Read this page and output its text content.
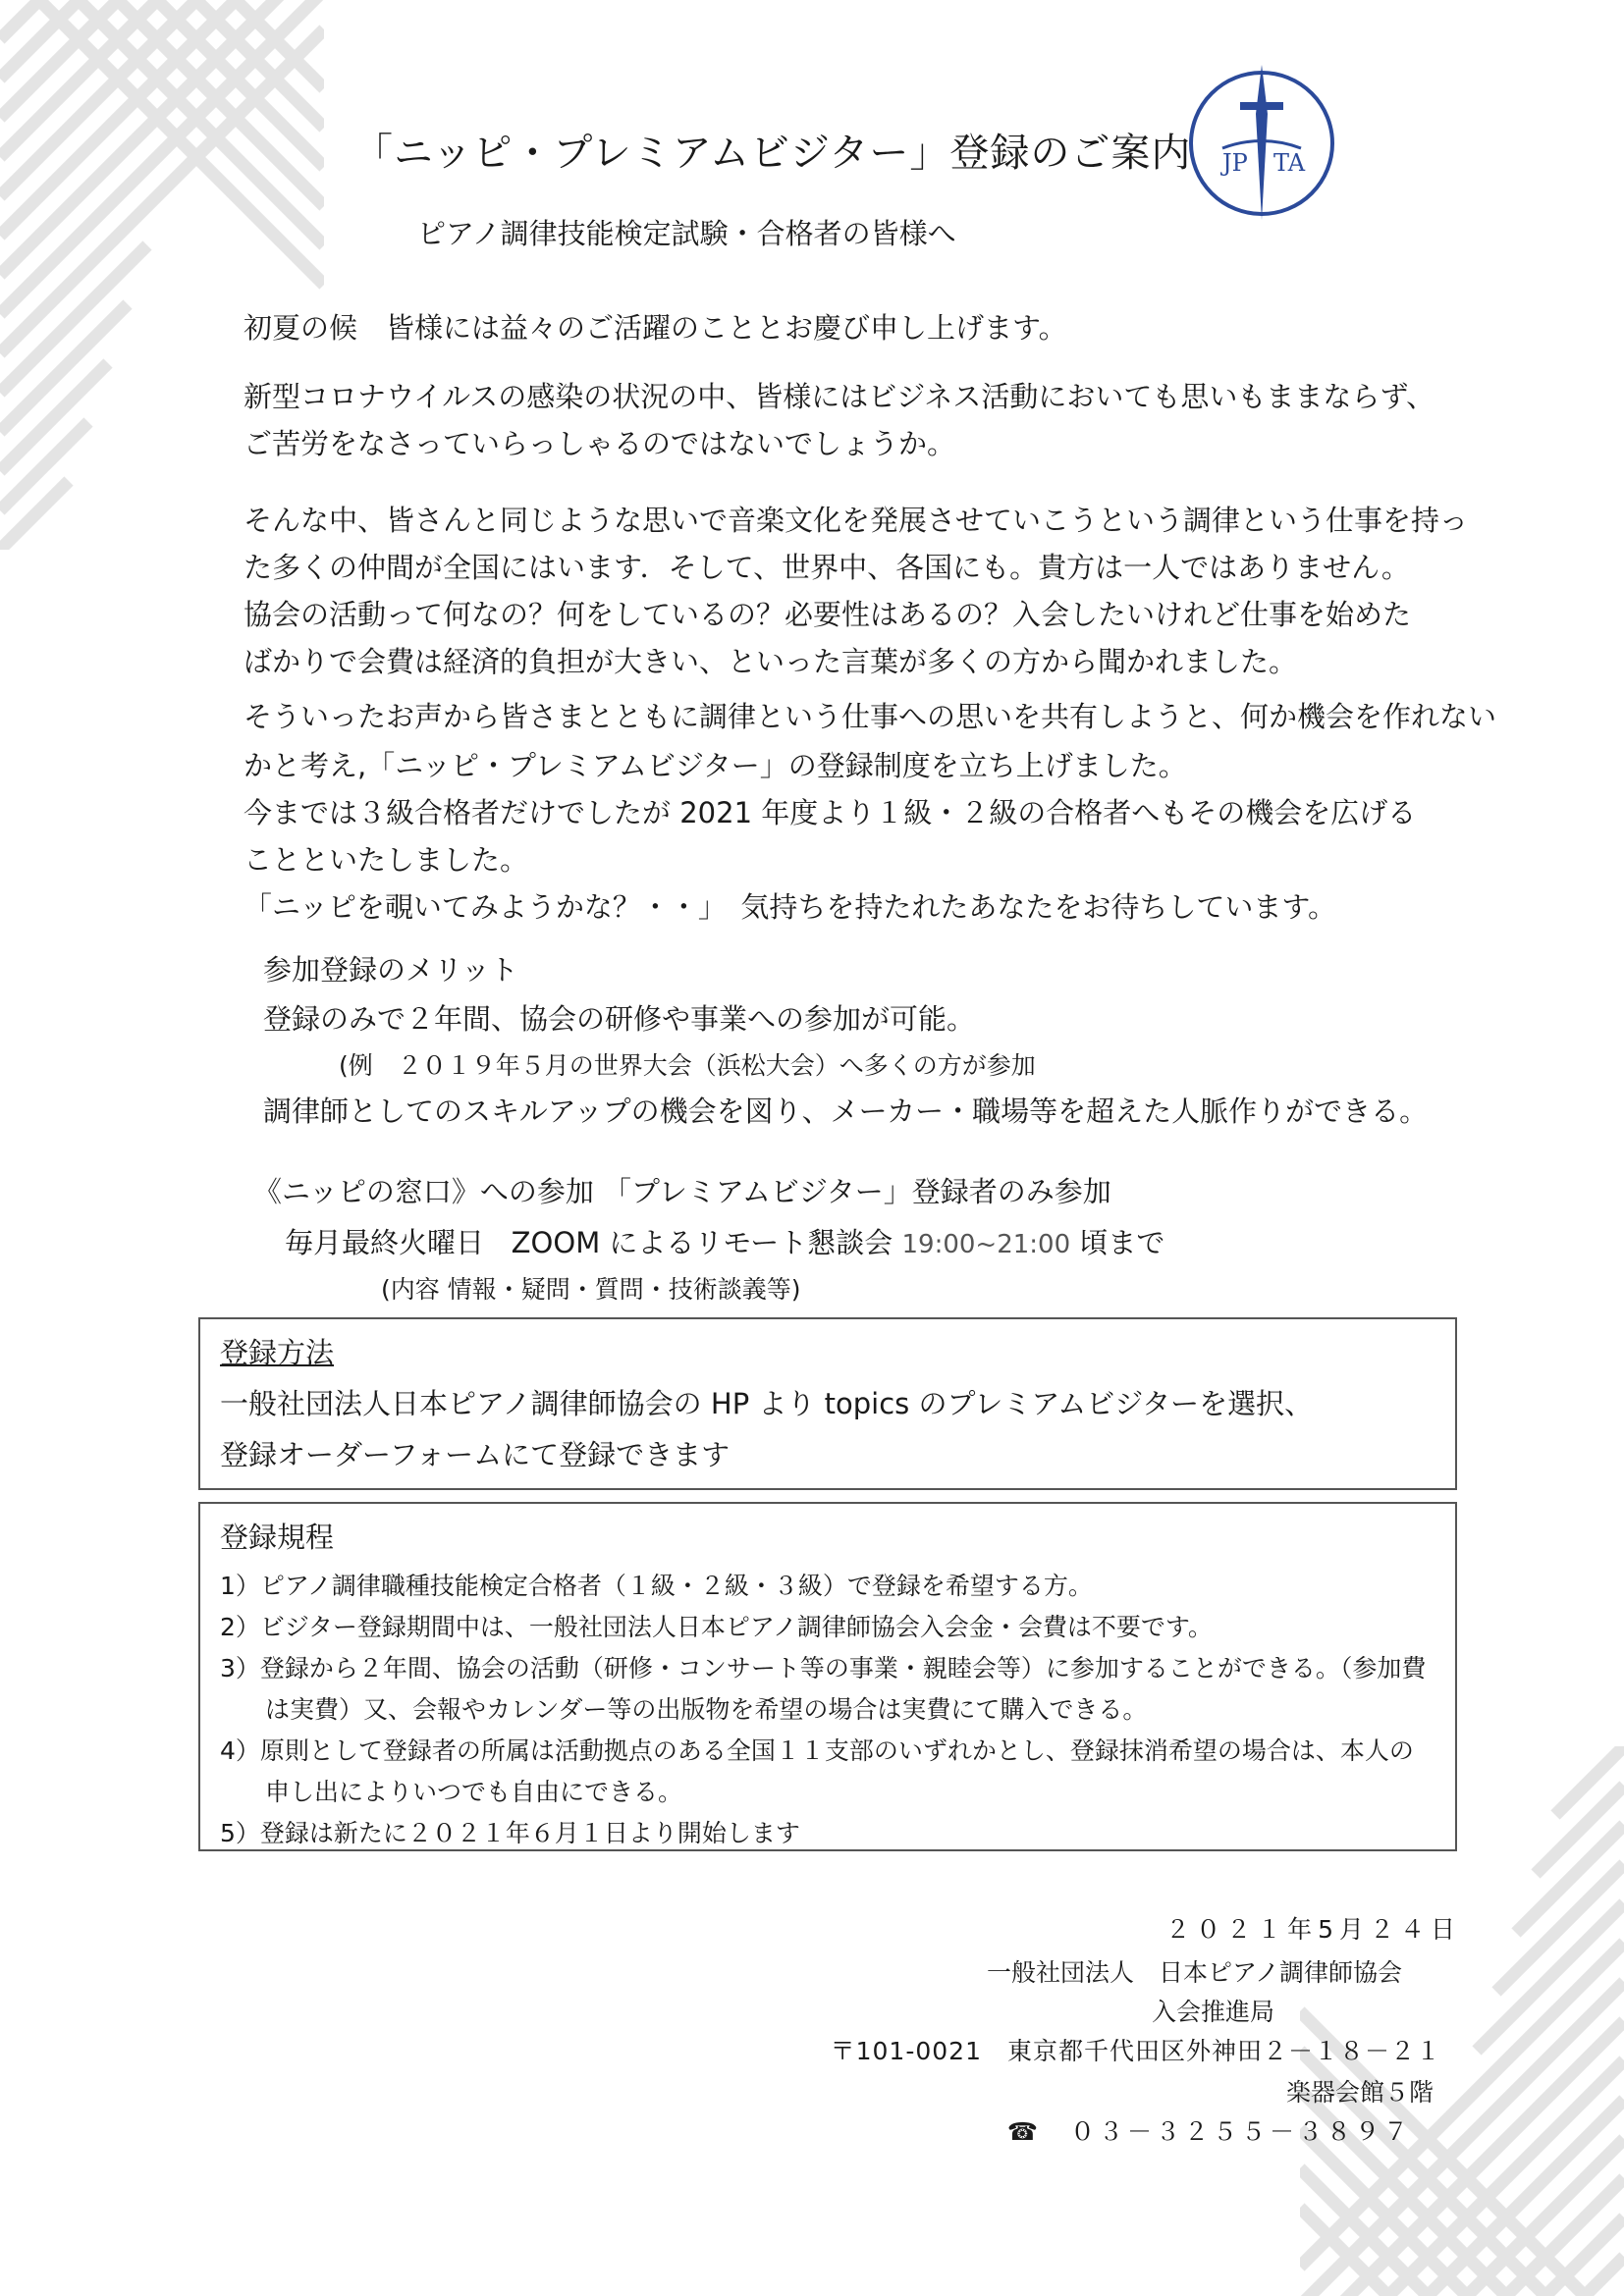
「ニッピ・プレミアムビジター」登録のご案内
ピアノ調律技能検定試験・合格者の皆様へ
JP TA
初夏の候　皆様には益々のご活躍のこととお慶び申し上げます。
新型コロナウイルスの感染の状況の中、皆様にはビジネス活動においても思いもままならず、
ご苦労をなさっていらっしゃるのではないでしょうか。
そんな中、皆さんと同じような思いで音楽文化を発展させていこうという調律という仕事を持っ
た多くの仲間が全国にはいます．そして、世界中、各国にも。貴方は一人ではありません。
協会の活動って何なの？何をしているの？必要性はあるの？入会したいけれど仕事を始めた
ばかりで会費は経済的負担が大きい、といった言葉が多くの方から聞かれました。
そういったお声から皆さまとともに調律という仕事への思いを共有しようと、何か機会を作れない
かと考え,「ニッピ・プレミアムビジター」の登録制度を立ち上げました。
今までは３級合格者だけでしたが 2021 年度より１級・２級の合格者へもその機会を広げる
ことといたしました。
「ニッピを覗いてみようかな？・・」　気持ちを持たれたあなたをお待ちしています。
参加登録のメリット
登録のみで２年間、協会の研修や事業への参加が可能。
(例　２０１９年５月の世界大会（浜松大会）へ多くの方が参加
調律師としてのスキルアップの機会を図り、メーカー・職場等を超えた人脈作りができる。
《ニッピの窓口》への参加 「プレミアムビジター」登録者のみ参加
毎月最終火曜日 ZOOM によるリモート懇談会 19:00~21:00 頃まで
(内容 情報・疑問・質問・技術談義等)
登録方法
一般社団法人日本ピアノ調律師協会の HP より topics のプレミアムビジターを選択、
登録オーダーフォームにて登録できます
登録規程
1）ピアノ調律職種技能検定合格者（１級・２級・３級）で登録を希望する方。
2）ビジター登録期間中は、一般社団法人日本ピアノ調律師協会入会金・会費は不要です。
3）登録から２年間、協会の活動（研修・コンサート等の事業・親睦会等）に参加することができる。（参加費
は実費）又、会報やカレンダー等の出版物を希望の場合は実費にて購入できる。
4）原則として登録者の所属は活動拠点のある全国１１支部のいずれかとし、登録抹消希望の場合は、本人の
申し出によりいつでも自由にできる。
5）登録は新たに２０２１年６月１日より開始します
２０２１年5月２４日
一般社団法人　日本ピアノ調律師協会
入会推進局
〒101-0021　東京都千代田区外神田２－１８－２１
楽器会館５階
☎　０３－３２５５－３８９７
